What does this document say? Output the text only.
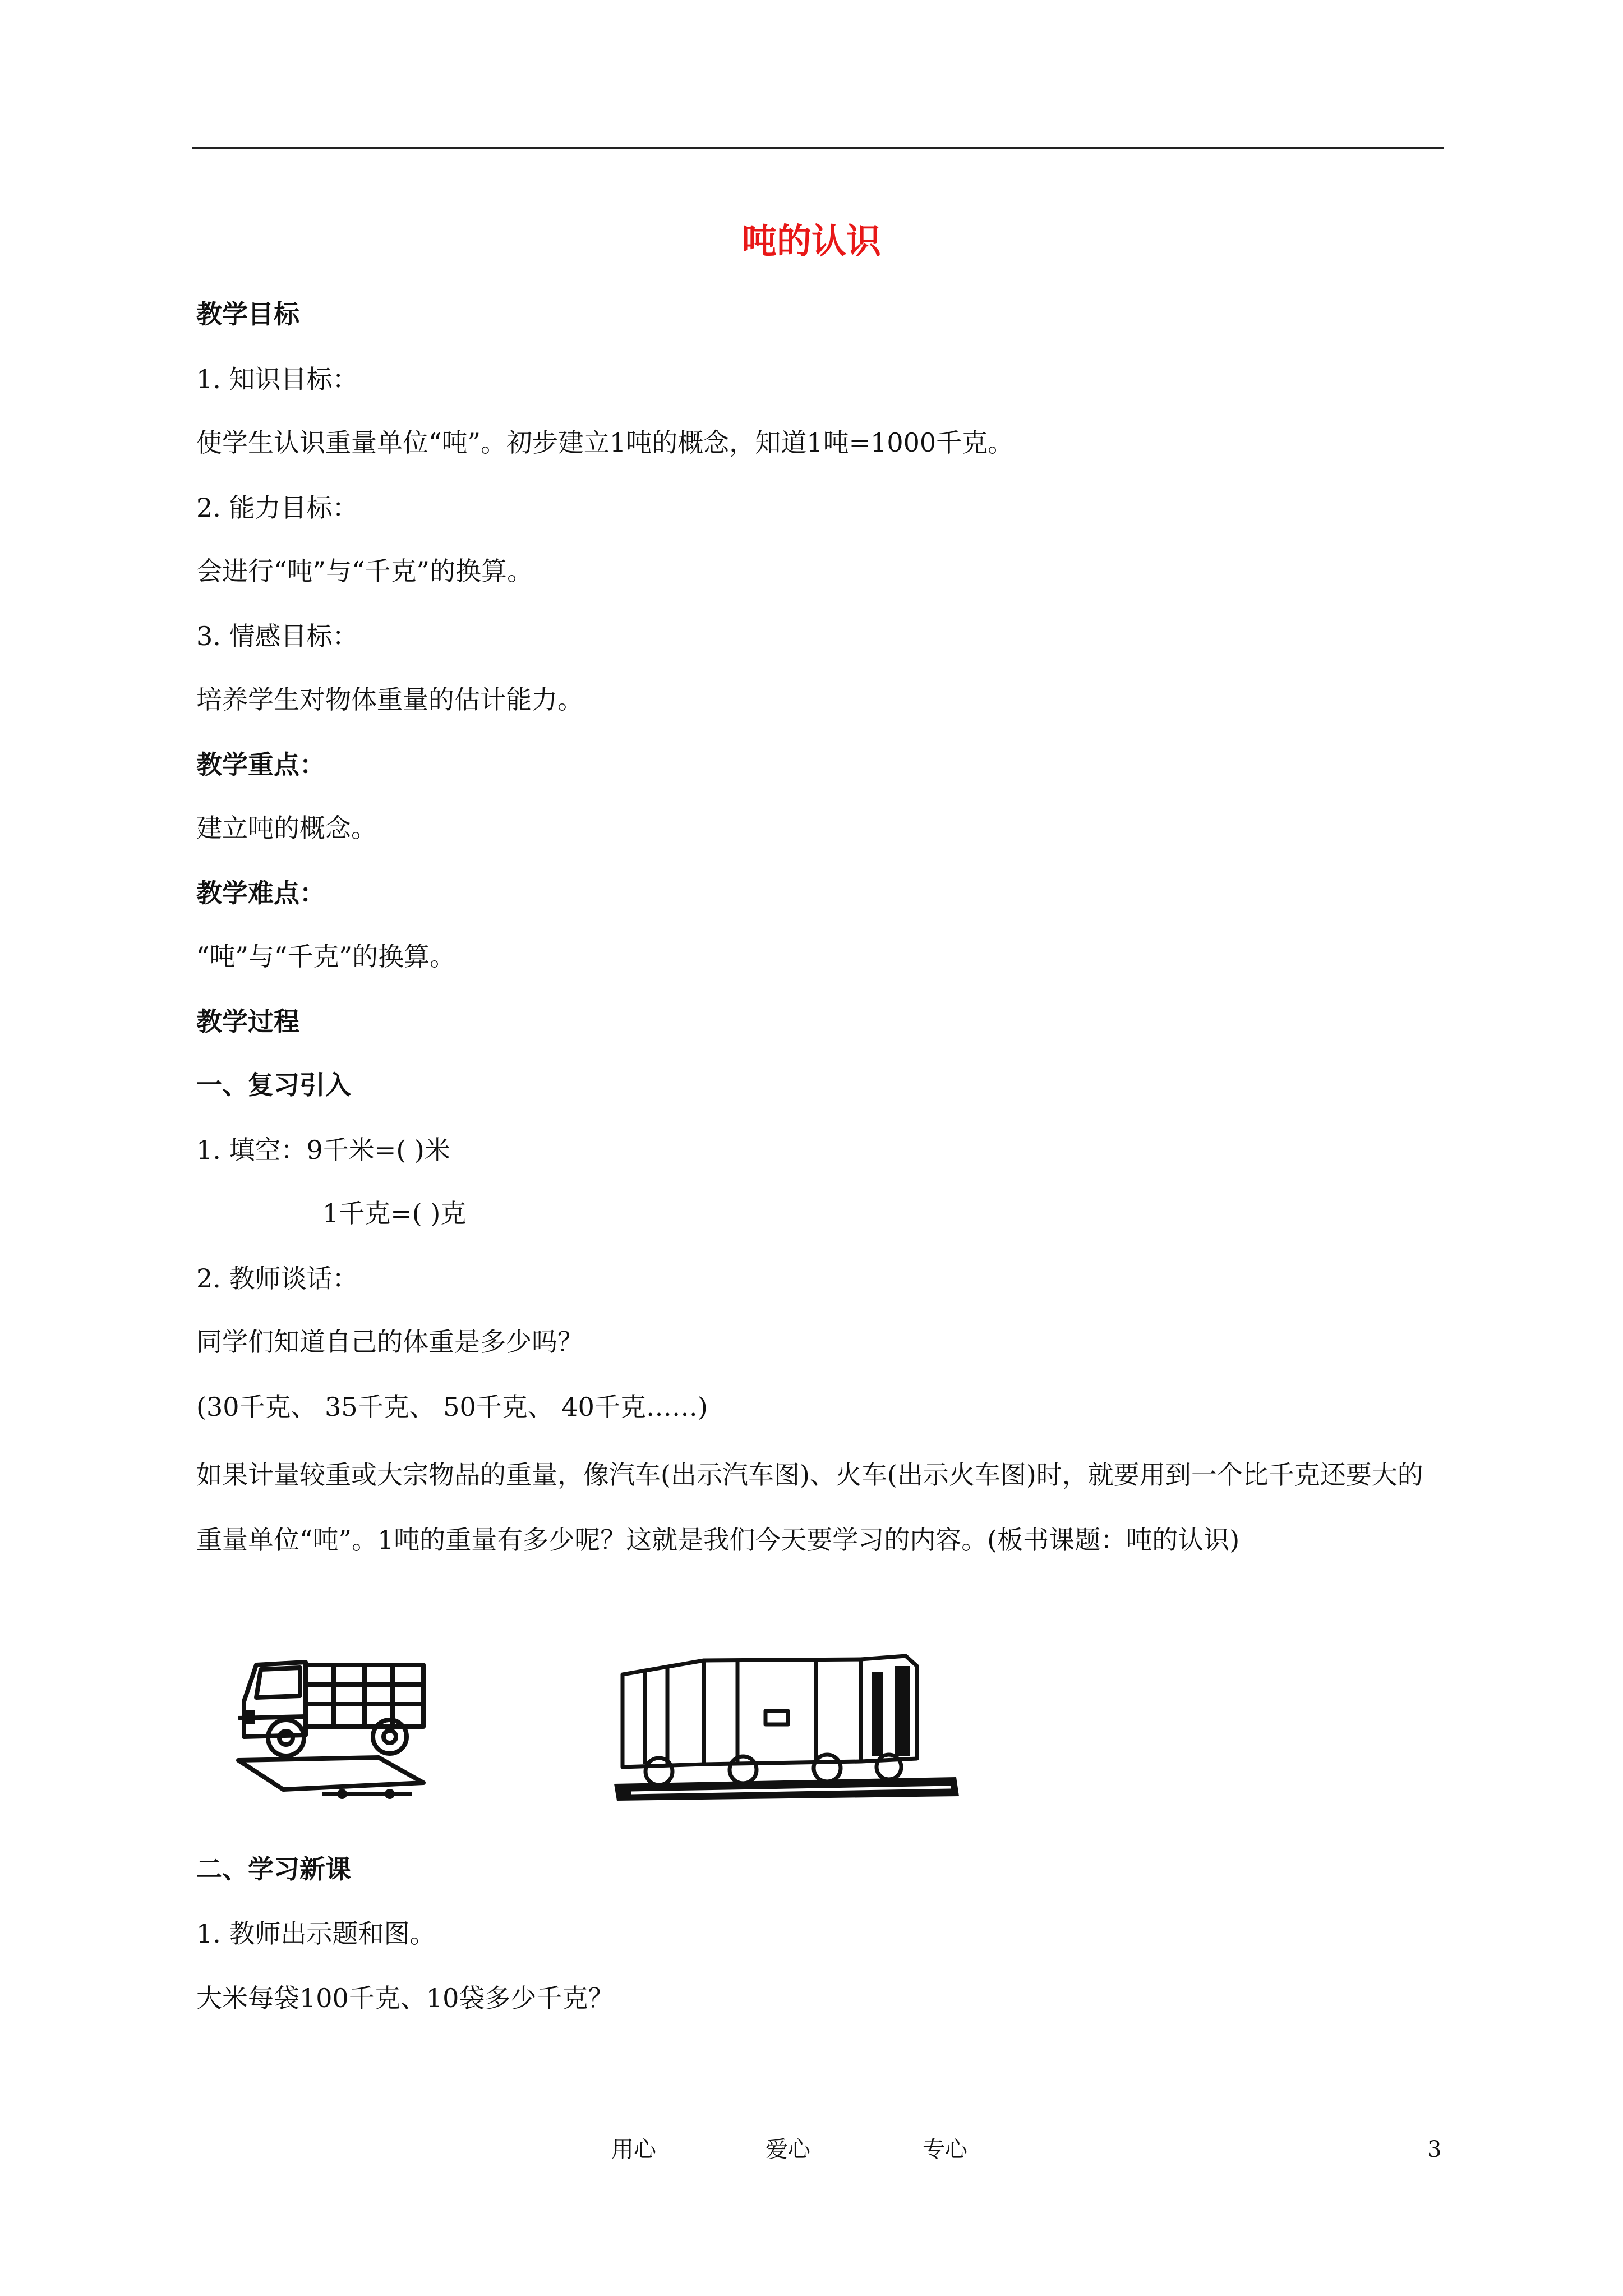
吨的认识
教学目标
1. 知识目标：
使学生认识重量单位“吨”。初步建立1吨的概念，知道1吨=1000千克。
2. 能力目标：
会进行“吨”与“千克”的换算。
3. 情感目标：
培养学生对物体重量的估计能力。
教学重点：
建立吨的概念。
教学难点：
“吨”与“千克”的换算。
教学过程
一、复习引入
1. 填空：9千米=( )米
1千克=( )克
2. 教师谈话：
同学们知道自己的体重是多少吗？
(30千克、 35千克、 50千克、 40千克……)
如果计量较重或大宗物品的重量，像汽车(出示汽车图)、火车(出示火车图)时，就要用到一个比千克还要大的重量单位“吨”。1吨的重量有多少呢？这就是我们今天要学习的内容。(板书课题：吨的认识)
二、学习新课
1. 教师出示题和图。
大米每袋100千克、10袋多少千克？
用心	爱心	专心	3
